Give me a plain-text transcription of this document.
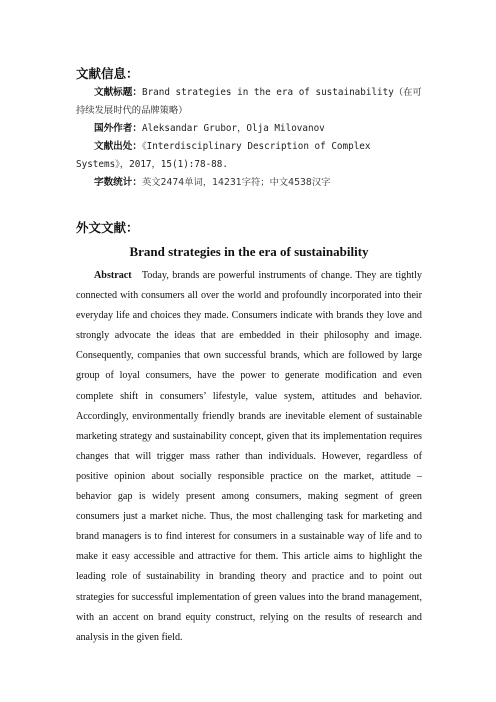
文献信息：

文献标题：Brand strategies in the era of sustainability（在可持续发展时代的品牌策略）

国外作者：Aleksandar Grubor，Olja Milovanov

文献出处：《Interdisciplinary Description of Complex Systems》，2017，15(1):78-88.

字数统计：英文2474单词，14231字符；中文4538汉字

外文文献：
Brand strategies in the era of sustainability

Abstract Today, brands are powerful instruments of change. They are tightly connected with consumers all over the world and profoundly incorporated into their everyday life and choices they made. Consumers indicate with brands they love and strongly advocate the ideas that are embedded in their philosophy and image. Consequently, companies that own successful brands, which are followed by large group of loyal consumers, have the power to generate modification and even complete shift in consumers’ lifestyle, value system, attitudes and behavior. Accordingly, environmentally friendly brands are inevitable element of sustainable marketing strategy and sustainability concept, given that its implementation requires changes that will trigger mass rather than individuals. However, regardless of positive opinion about socially responsible practice on the market, attitude – behavior gap is widely present among consumers, making segment of green consumers just a market niche. Thus, the most challenging task for marketing and brand managers is to find interest for consumers in a sustainable way of life and to make it easy accessible and attractive for them. This article aims to highlight the leading role of sustainability in branding theory and practice and to point out strategies for successful implementation of green values into the brand management, with an accent on brand equity construct, relying on the results of research and analysis in the given field.
